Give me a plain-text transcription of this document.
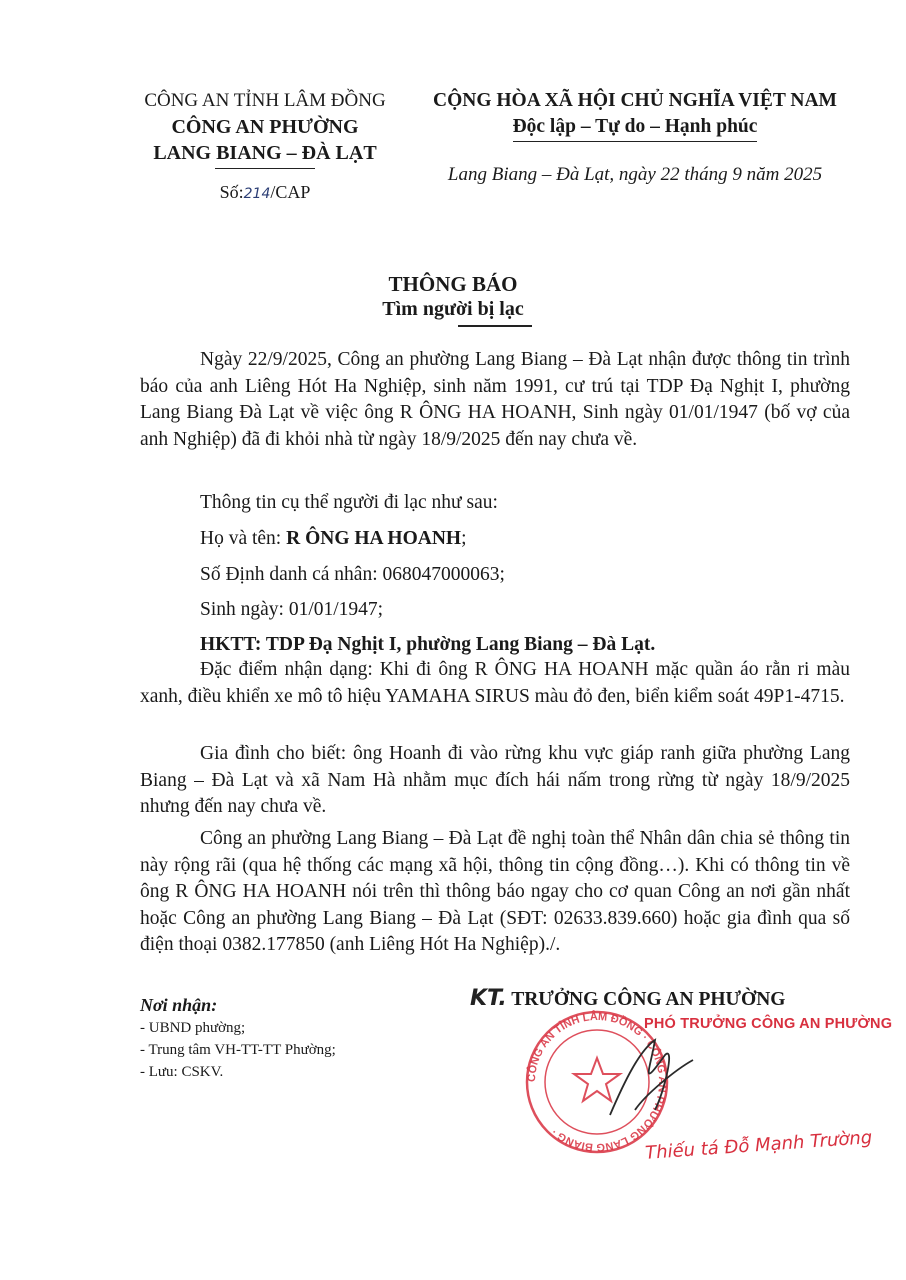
CÔNG AN TỈNH LÂM ĐỒNG
CÔNG AN PHƯỜNG
LANG BIANG – ĐÀ LẠT
Số:214/CAP
CỘNG HÒA XÃ HỘI CHỦ NGHĨA VIỆT NAM
Độc lập – Tự do – Hạnh phúc
Lang Biang – Đà Lạt, ngày 22 tháng 9 năm 2025
THÔNG BÁO
Tìm người bị lạc
Ngày 22/9/2025, Công an phường Lang Biang – Đà Lạt nhận được thông tin trình báo của anh Liêng Hót Ha Nghiệp, sinh năm 1991, cư trú tại TDP Đạ Nghịt I, phường Lang Biang Đà Lạt về việc ông R ÔNG HA HOANH, Sinh ngày 01/01/1947 (bố vợ của anh Nghiệp) đã đi khỏi nhà từ ngày 18/9/2025 đến nay chưa về.
Thông tin cụ thể người đi lạc như sau:
Họ và tên: R ÔNG HA HOANH;
Số Định danh cá nhân: 068047000063;
Sinh ngày: 01/01/1947;
HKTT: TDP Đạ Nghịt I, phường Lang Biang – Đà Lạt.
Đặc điểm nhận dạng: Khi đi ông R ÔNG HA HOANH mặc quần áo rằn ri màu xanh, điều khiển xe mô tô hiệu YAMAHA SIRUS màu đỏ đen, biển kiểm soát 49P1-4715.
Gia đình cho biết: ông Hoanh đi vào rừng khu vực giáp ranh giữa phường Lang Biang – Đà Lạt và xã Nam Hà nhằm mục đích hái nấm trong rừng từ ngày 18/9/2025 nhưng đến nay chưa về.
Công an phường Lang Biang – Đà Lạt đề nghị toàn thể Nhân dân chia sẻ thông tin này rộng rãi (qua hệ thống các mạng xã hội, thông tin cộng đồng…). Khi có thông tin về ông R ÔNG HA HOANH nói trên thì thông báo ngay cho cơ quan Công an nơi gần nhất hoặc Công an phường Lang Biang – Đà Lạt (SĐT: 02633.839.660) hoặc gia đình qua số điện thoại 0382.177850 (anh Liêng Hót Ha Nghiệp)./.
Nơi nhận:
- UBND phường;
- Trung tâm VH-TT-TT Phường;
- Lưu: CSKV.
KT. TRƯỞNG CÔNG AN PHƯỜNG
CÔNG AN TỈNH LÂM ĐỒNG · CÔNG AN PHƯỜNG LANG BIANG ·
PHÓ TRƯỞNG CÔNG AN PHƯỜNG
Thiếu tá Đỗ Mạnh Trường
